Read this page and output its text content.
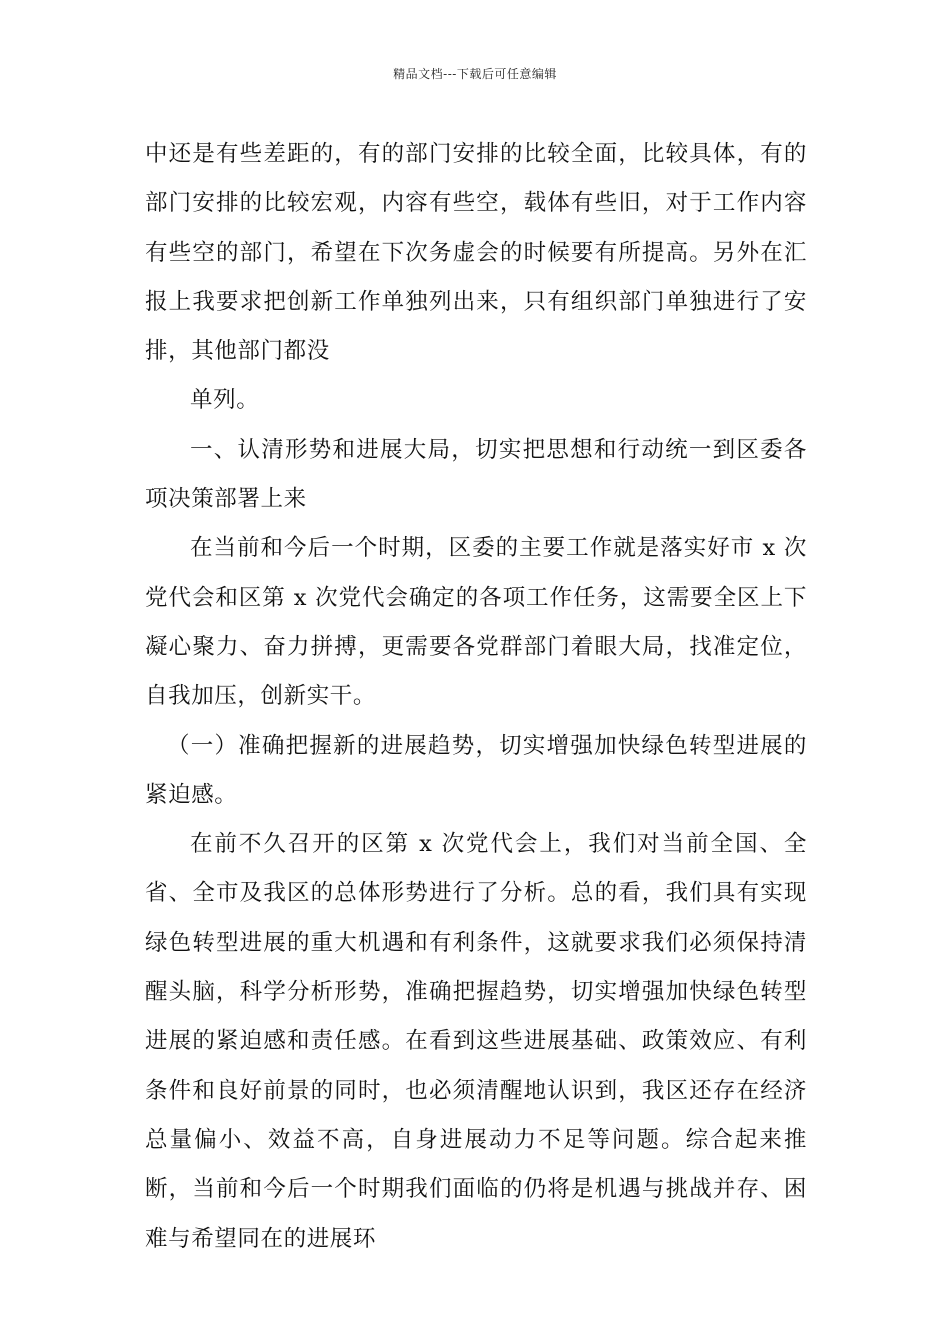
精品文档---下载后可任意编辑

中还是有些差距的，有的部门安排的比较全面，比较具体，有的部门安排的比较宏观，内容有些空，载体有些旧，对于工作内容有些空的部门，希望在下次务虚会的时候要有所提高。另外在汇报上我要求把创新工作单独列出来，只有组织部门单独进行了安排，其他部门都没

单列。

一、认清形势和进展大局，切实把思想和行动统一到区委各项决策部署上来

在当前和今后一个时期，区委的主要工作就是落实好市 x 次党代会和区第 x 次党代会确定的各项工作任务，这需要全区上下凝心聚力、奋力拼搏，更需要各党群部门着眼大局，找准定位，自我加压，创新实干。

（一）准确把握新的进展趋势，切实增强加快绿色转型进展的紧迫感。

在前不久召开的区第 x 次党代会上，我们对当前全国、全省、全市及我区的总体形势进行了分析。总的看，我们具有实现绿色转型进展的重大机遇和有利条件，这就要求我们必须保持清醒头脑，科学分析形势，准确把握趋势，切实增强加快绿色转型进展的紧迫感和责任感。在看到这些进展基础、政策效应、有利条件和良好前景的同时，也必须清醒地认识到，我区还存在经济总量偏小、效益不高，自身进展动力不足等问题。综合起来推断，当前和今后一个时期我们面临的仍将是机遇与挑战并存、困难与希望同在的进展环
